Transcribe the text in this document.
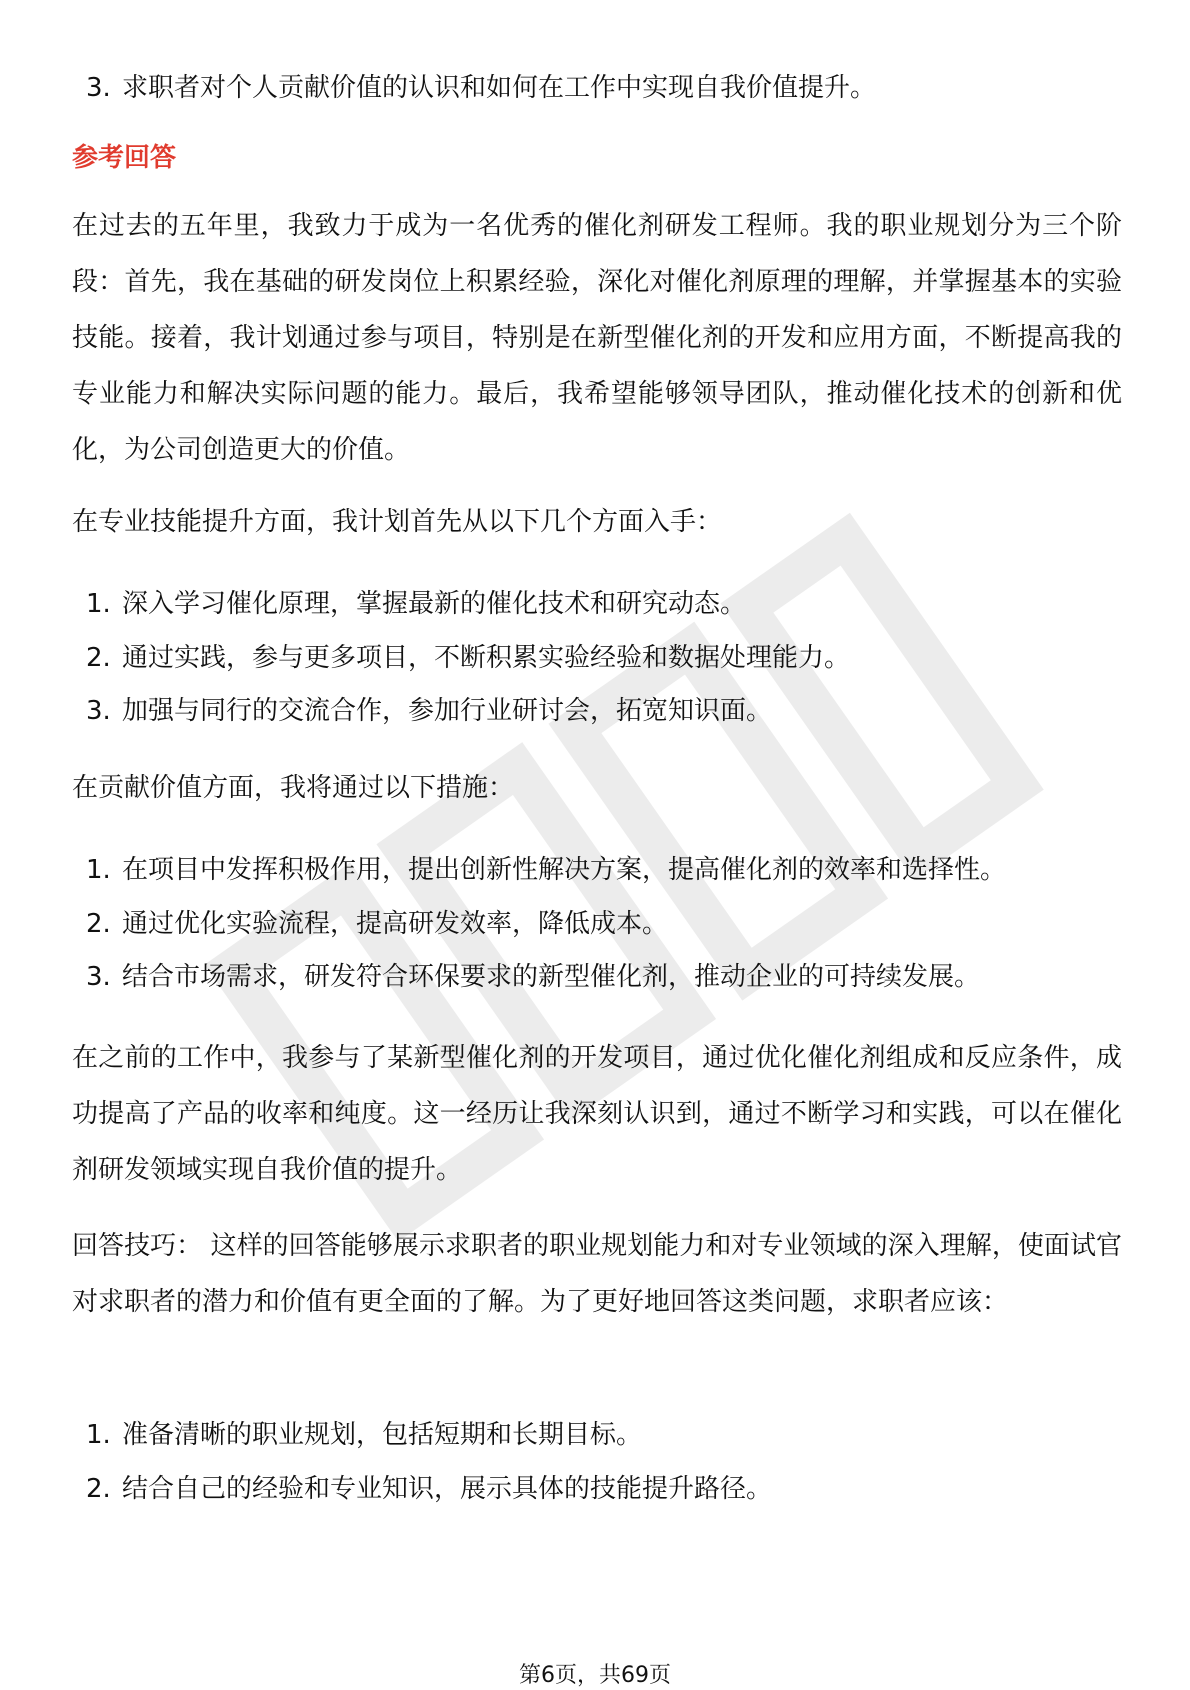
3. 求职者对个人贡献价值的认识和如何在工作中实现自我价值提升。
参考回答
在过去的五年里，我致力于成为一名优秀的催化剂研发工程师。我的职业规划分为三个阶段：首先，我在基础的研发岗位上积累经验，深化对催化剂原理的理解，并掌握基本的实验技能。接着，我计划通过参与项目，特别是在新型催化剂的开发和应用方面，不断提高我的专业能力和解决实际问题的能力。最后，我希望能够领导团队，推动催化技术的创新和优化，为公司创造更大的价值。
在专业技能提升方面，我计划首先从以下几个方面入手：
1. 深入学习催化原理，掌握最新的催化技术和研究动态。
2. 通过实践，参与更多项目，不断积累实验经验和数据处理能力。
3. 加强与同行的交流合作，参加行业研讨会，拓宽知识面。
在贡献价值方面，我将通过以下措施：
1. 在项目中发挥积极作用，提出创新性解决方案，提高催化剂的效率和选择性。
2. 通过优化实验流程，提高研发效率，降低成本。
3. 结合市场需求，研发符合环保要求的新型催化剂，推动企业的可持续发展。
在之前的工作中，我参与了某新型催化剂的开发项目，通过优化催化剂组成和反应条件，成功提高了产品的收率和纯度。这一经历让我深刻认识到，通过不断学习和实践，可以在催化剂研发领域实现自我价值的提升。
回答技巧： 这样的回答能够展示求职者的职业规划能力和对专业领域的深入理解，使面试官对求职者的潜力和价值有更全面的了解。为了更好地回答这类问题，求职者应该：
1. 准备清晰的职业规划，包括短期和长期目标。
2. 结合自己的经验和专业知识，展示具体的技能提升路径。
第6页，共69页
